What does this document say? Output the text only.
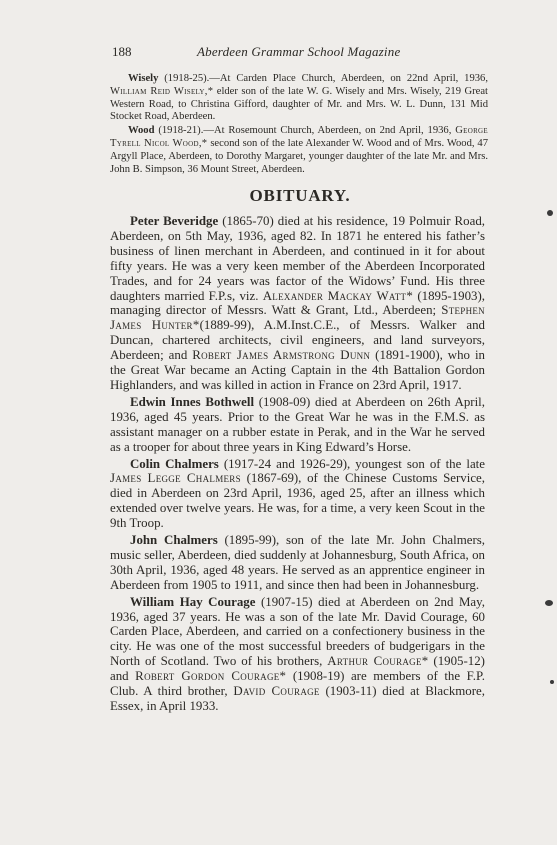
188	Aberdeen Grammar School Magazine

Wisely (1918-25).—At Carden Place Church, Aberdeen, on 22nd April, 1936, William Reid Wisely,* elder son of the late W. G. Wisely and Mrs. Wisely, 219 Great Western Road, to Christina Gifford, daughter of Mr. and Mrs. W. L. Dunn, 131 Mid Stocket Road, Aberdeen.

Wood (1918-21).—At Rosemount Church, Aberdeen, on 2nd April, 1936, George Tyrell Nicol Wood,* second son of the late Alexander W. Wood and of Mrs. Wood, 47 Argyll Place, Aberdeen, to Dorothy Margaret, younger daughter of the late Mr. and Mrs. John B. Simpson, 36 Mount Street, Aberdeen.

OBITUARY.

Peter Beveridge (1865-70) died at his residence, 19 Polmuir Road, Aberdeen, on 5th May, 1936, aged 82. In 1871 he entered his father’s business of linen merchant in Aberdeen, and continued in it for about fifty years. He was a very keen member of the Aberdeen Incorporated Trades, and for 24 years was factor of the Widows’ Fund. His three daughters married F.P.s, viz. Alexander Mackay Watt* (1895-1903), managing director of Messrs. Watt & Grant, Ltd., Aberdeen; Stephen James Hunter*(1889-99), A.M.Inst.C.E., of Messrs. Walker and Duncan, chartered architects, civil engineers, and land surveyors, Aberdeen; and Robert James Armstrong Dunn (1891-1900), who in the Great War became an Acting Captain in the 4th Battalion Gordon Highlanders, and was killed in action in France on 23rd April, 1917.

Edwin Innes Bothwell (1908-09) died at Aberdeen on 26th April, 1936, aged 45 years. Prior to the Great War he was in the F.M.S. as assistant manager on a rubber estate in Perak, and in the War he served as a trooper for about three years in King Edward’s Horse.

Colin Chalmers (1917-24 and 1926-29), youngest son of the late James Legge Chalmers (1867-69), of the Chinese Customs Service, died in Aberdeen on 23rd April, 1936, aged 25, after an illness which extended over twelve years. He was, for a time, a very keen Scout in the 9th Troop.

John Chalmers (1895-99), son of the late Mr. John Chalmers, music seller, Aberdeen, died suddenly at Johannesburg, South Africa, on 30th April, 1936, aged 48 years. He served as an apprentice engineer in Aberdeen from 1905 to 1911, and since then had been in Johannesburg.

William Hay Courage (1907-15) died at Aberdeen on 2nd May, 1936, aged 37 years. He was a son of the late Mr. David Courage, 60 Carden Place, Aberdeen, and carried on a confectionery business in the city. He was one of the most successful breeders of budgerigars in the North of Scotland. Two of his brothers, Arthur Courage* (1905-12) and Robert Gordon Courage* (1908-19) are members of the F.P. Club. A third brother, David Courage (1903-11) died at Blackmore, Essex, in April 1933.
